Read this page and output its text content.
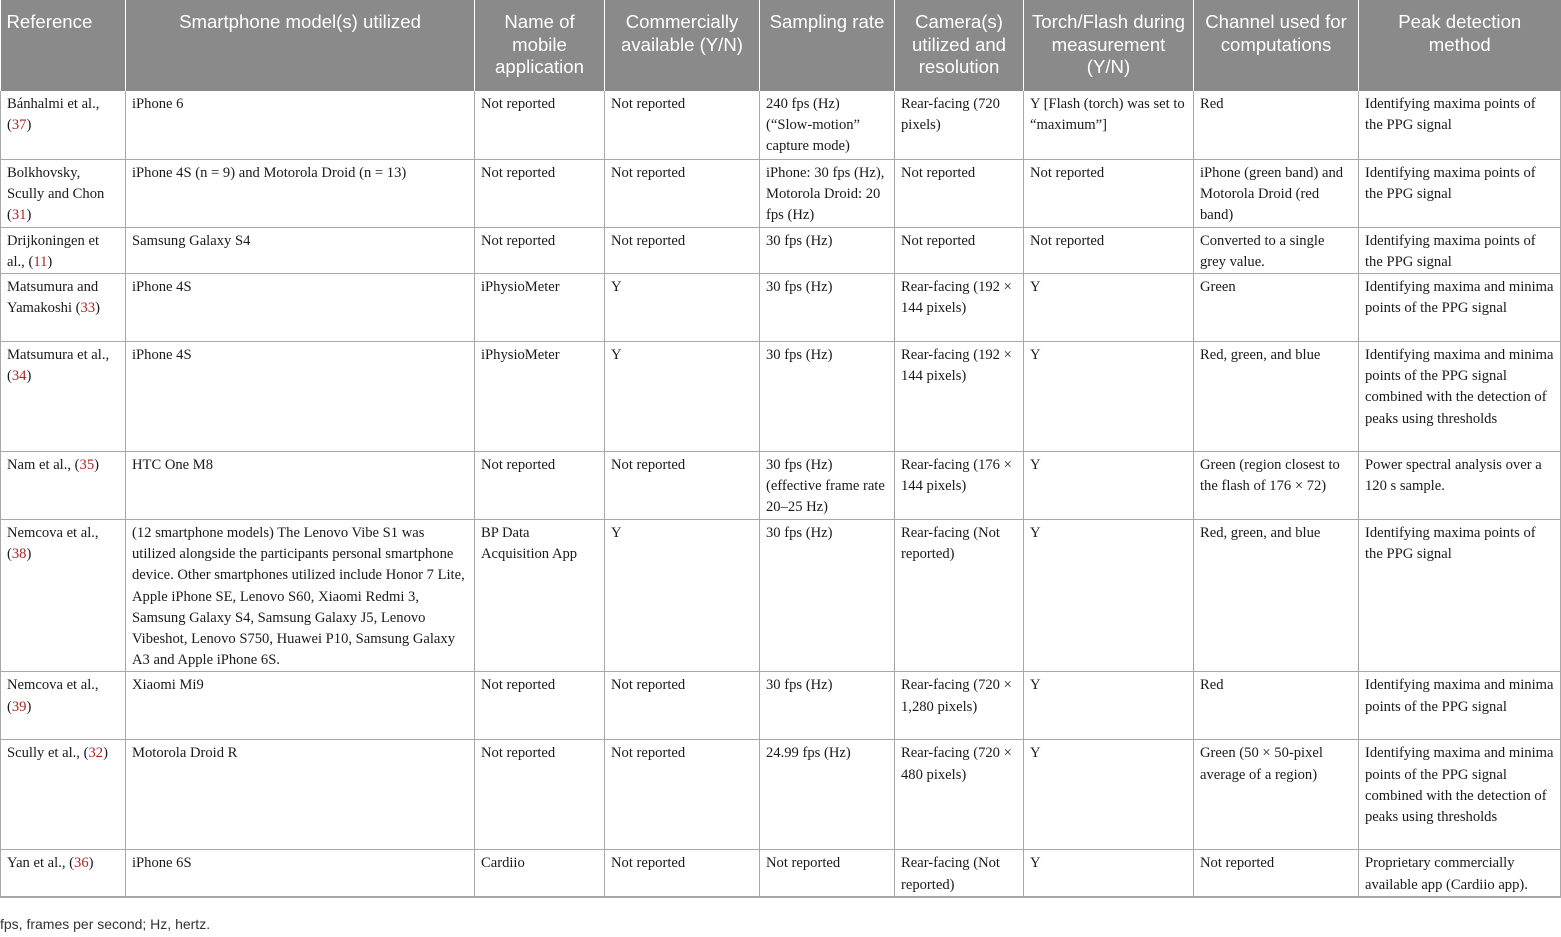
Reference	Smartphone model(s) utilized	Name of mobile application	Commercially available (Y/N)	Sampling rate	Camera(s) utilized and resolution	Torch/Flash during measurement (Y/N)	Channel used for computations	Peak detection method
Bánhalmi et al., (37)	iPhone 6	Not reported	Not reported	240 fps (Hz) (“Slow-motion” capture mode)	Rear-facing (720 pixels)	Y [Flash (torch) was set to “maximum”]	Red	Identifying maxima points of the PPG signal
Bolkhovsky, Scully and Chon (31)	iPhone 4S (n = 9) and Motorola Droid (n = 13)	Not reported	Not reported	iPhone: 30 fps (Hz), Motorola Droid: 20 fps (Hz)	Not reported	Not reported	iPhone (green band) and Motorola Droid (red band)	Identifying maxima points of the PPG signal
Drijkoningen et al., (11)	Samsung Galaxy S4	Not reported	Not reported	30 fps (Hz)	Not reported	Not reported	Converted to a single grey value.	Identifying maxima points of the PPG signal
Matsumura and Yamakoshi (33)	iPhone 4S	iPhysioMeter	Y	30 fps (Hz)	Rear-facing (192 × 144 pixels)	Y	Green	Identifying maxima and minima points of the PPG signal
Matsumura et al., (34)	iPhone 4S	iPhysioMeter	Y	30 fps (Hz)	Rear-facing (192 × 144 pixels)	Y	Red, green, and blue	Identifying maxima and minima points of the PPG signal combined with the detection of peaks using thresholds
Nam et al., (35)	HTC One M8	Not reported	Not reported	30 fps (Hz) (effective frame rate 20–25 Hz)	Rear-facing (176 × 144 pixels)	Y	Green (region closest to the flash of 176 × 72)	Power spectral analysis over a 120 s sample.
Nemcova et al., (38)	(12 smartphone models) The Lenovo Vibe S1 was utilized alongside the participants personal smartphone device. Other smartphones utilized include Honor 7 Lite, Apple iPhone SE, Lenovo S60, Xiaomi Redmi 3, Samsung Galaxy S4, Samsung Galaxy J5, Lenovo Vibeshot, Lenovo S750, Huawei P10, Samsung Galaxy A3 and Apple iPhone 6S.	BP Data Acquisition App	Y	30 fps (Hz)	Rear-facing (Not reported)	Y	Red, green, and blue	Identifying maxima points of the PPG signal
Nemcova et al., (39)	Xiaomi Mi9	Not reported	Not reported	30 fps (Hz)	Rear-facing (720 × 1,280 pixels)	Y	Red	Identifying maxima and minima points of the PPG signal
Scully et al., (32)	Motorola Droid R	Not reported	Not reported	24.99 fps (Hz)	Rear-facing (720 × 480 pixels)	Y	Green (50 × 50-pixel average of a region)	Identifying maxima and minima points of the PPG signal combined with the detection of peaks using thresholds
Yan et al., (36)	iPhone 6S	Cardiio	Not reported	Not reported	Rear-facing (Not reported)	Y	Not reported	Proprietary commercially available app (Cardiio app).
fps, frames per second; Hz, hertz.
